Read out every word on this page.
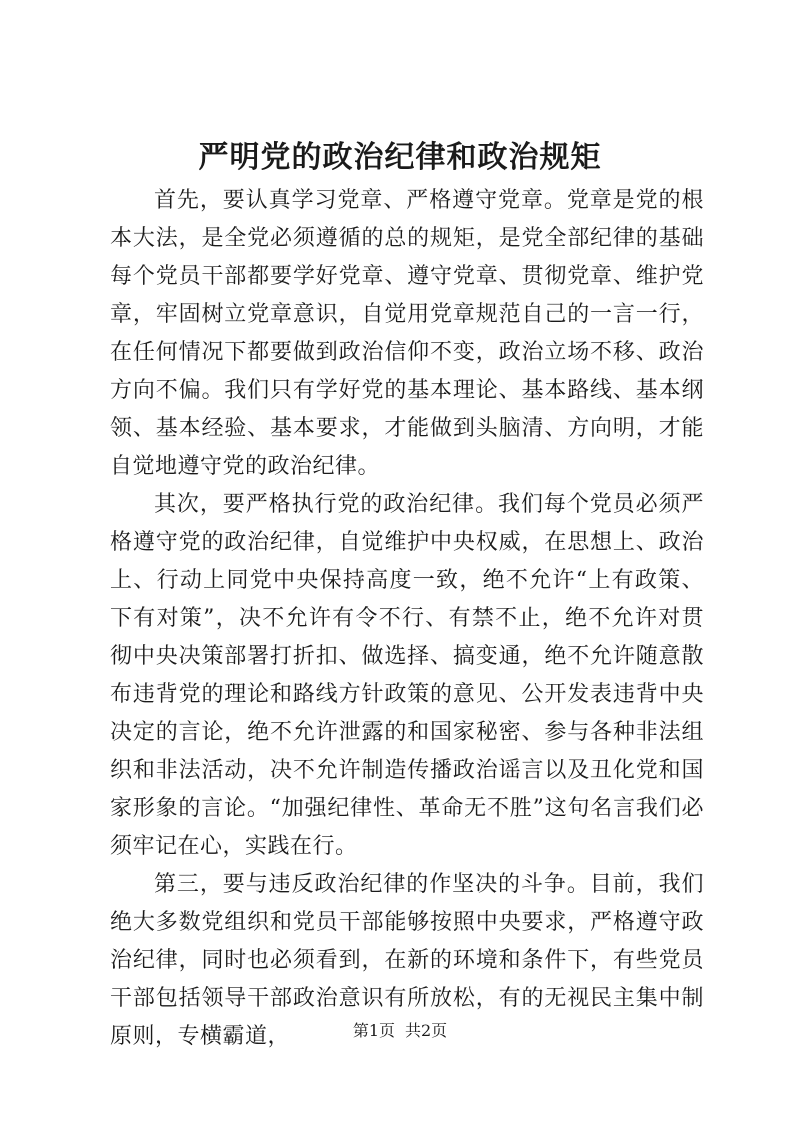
严明党的政治纪律和政治规矩

首先，要认真学习党章、严格遵守党章。党章是党的根本大法，是全党必须遵循的总的规矩，是党全部纪律的基础每个党员干部都要学好党章、遵守党章、贯彻党章、维护党章，牢固树立党章意识，自觉用党章规范自己的一言一行，在任何情况下都要做到政治信仰不变，政治立场不移、政治方向不偏。我们只有学好党的基本理论、基本路线、基本纲领、基本经验、基本要求，才能做到头脑清、方向明，才能自觉地遵守党的政治纪律。

其次，要严格执行党的政治纪律。我们每个党员必须严格遵守党的政治纪律，自觉维护中央权威，在思想上、政治上、行动上同党中央保持高度一致，绝不允许“上有政策、下有对策”，决不允许有令不行、有禁不止，绝不允许对贯彻中央决策部署打折扣、做选择、搞变通，绝不允许随意散布违背党的理论和路线方针政策的意见、公开发表违背中央决定的言论，绝不允许泄露的和国家秘密、参与各种非法组织和非法活动，决不允许制造传播政治谣言以及丑化党和国家形象的言论。“加强纪律性、革命无不胜”这句名言我们必须牢记在心，实践在行。

第三，要与违反政治纪律的作坚决的斗争。目前，我们绝大多数党组织和党员干部能够按照中央要求，严格遵守政治纪律，同时也必须看到，在新的环境和条件下，有些党员干部包括领导干部政治意识有所放松，有的无视民主集中制原则，专横霸道，	第1页 共2页
